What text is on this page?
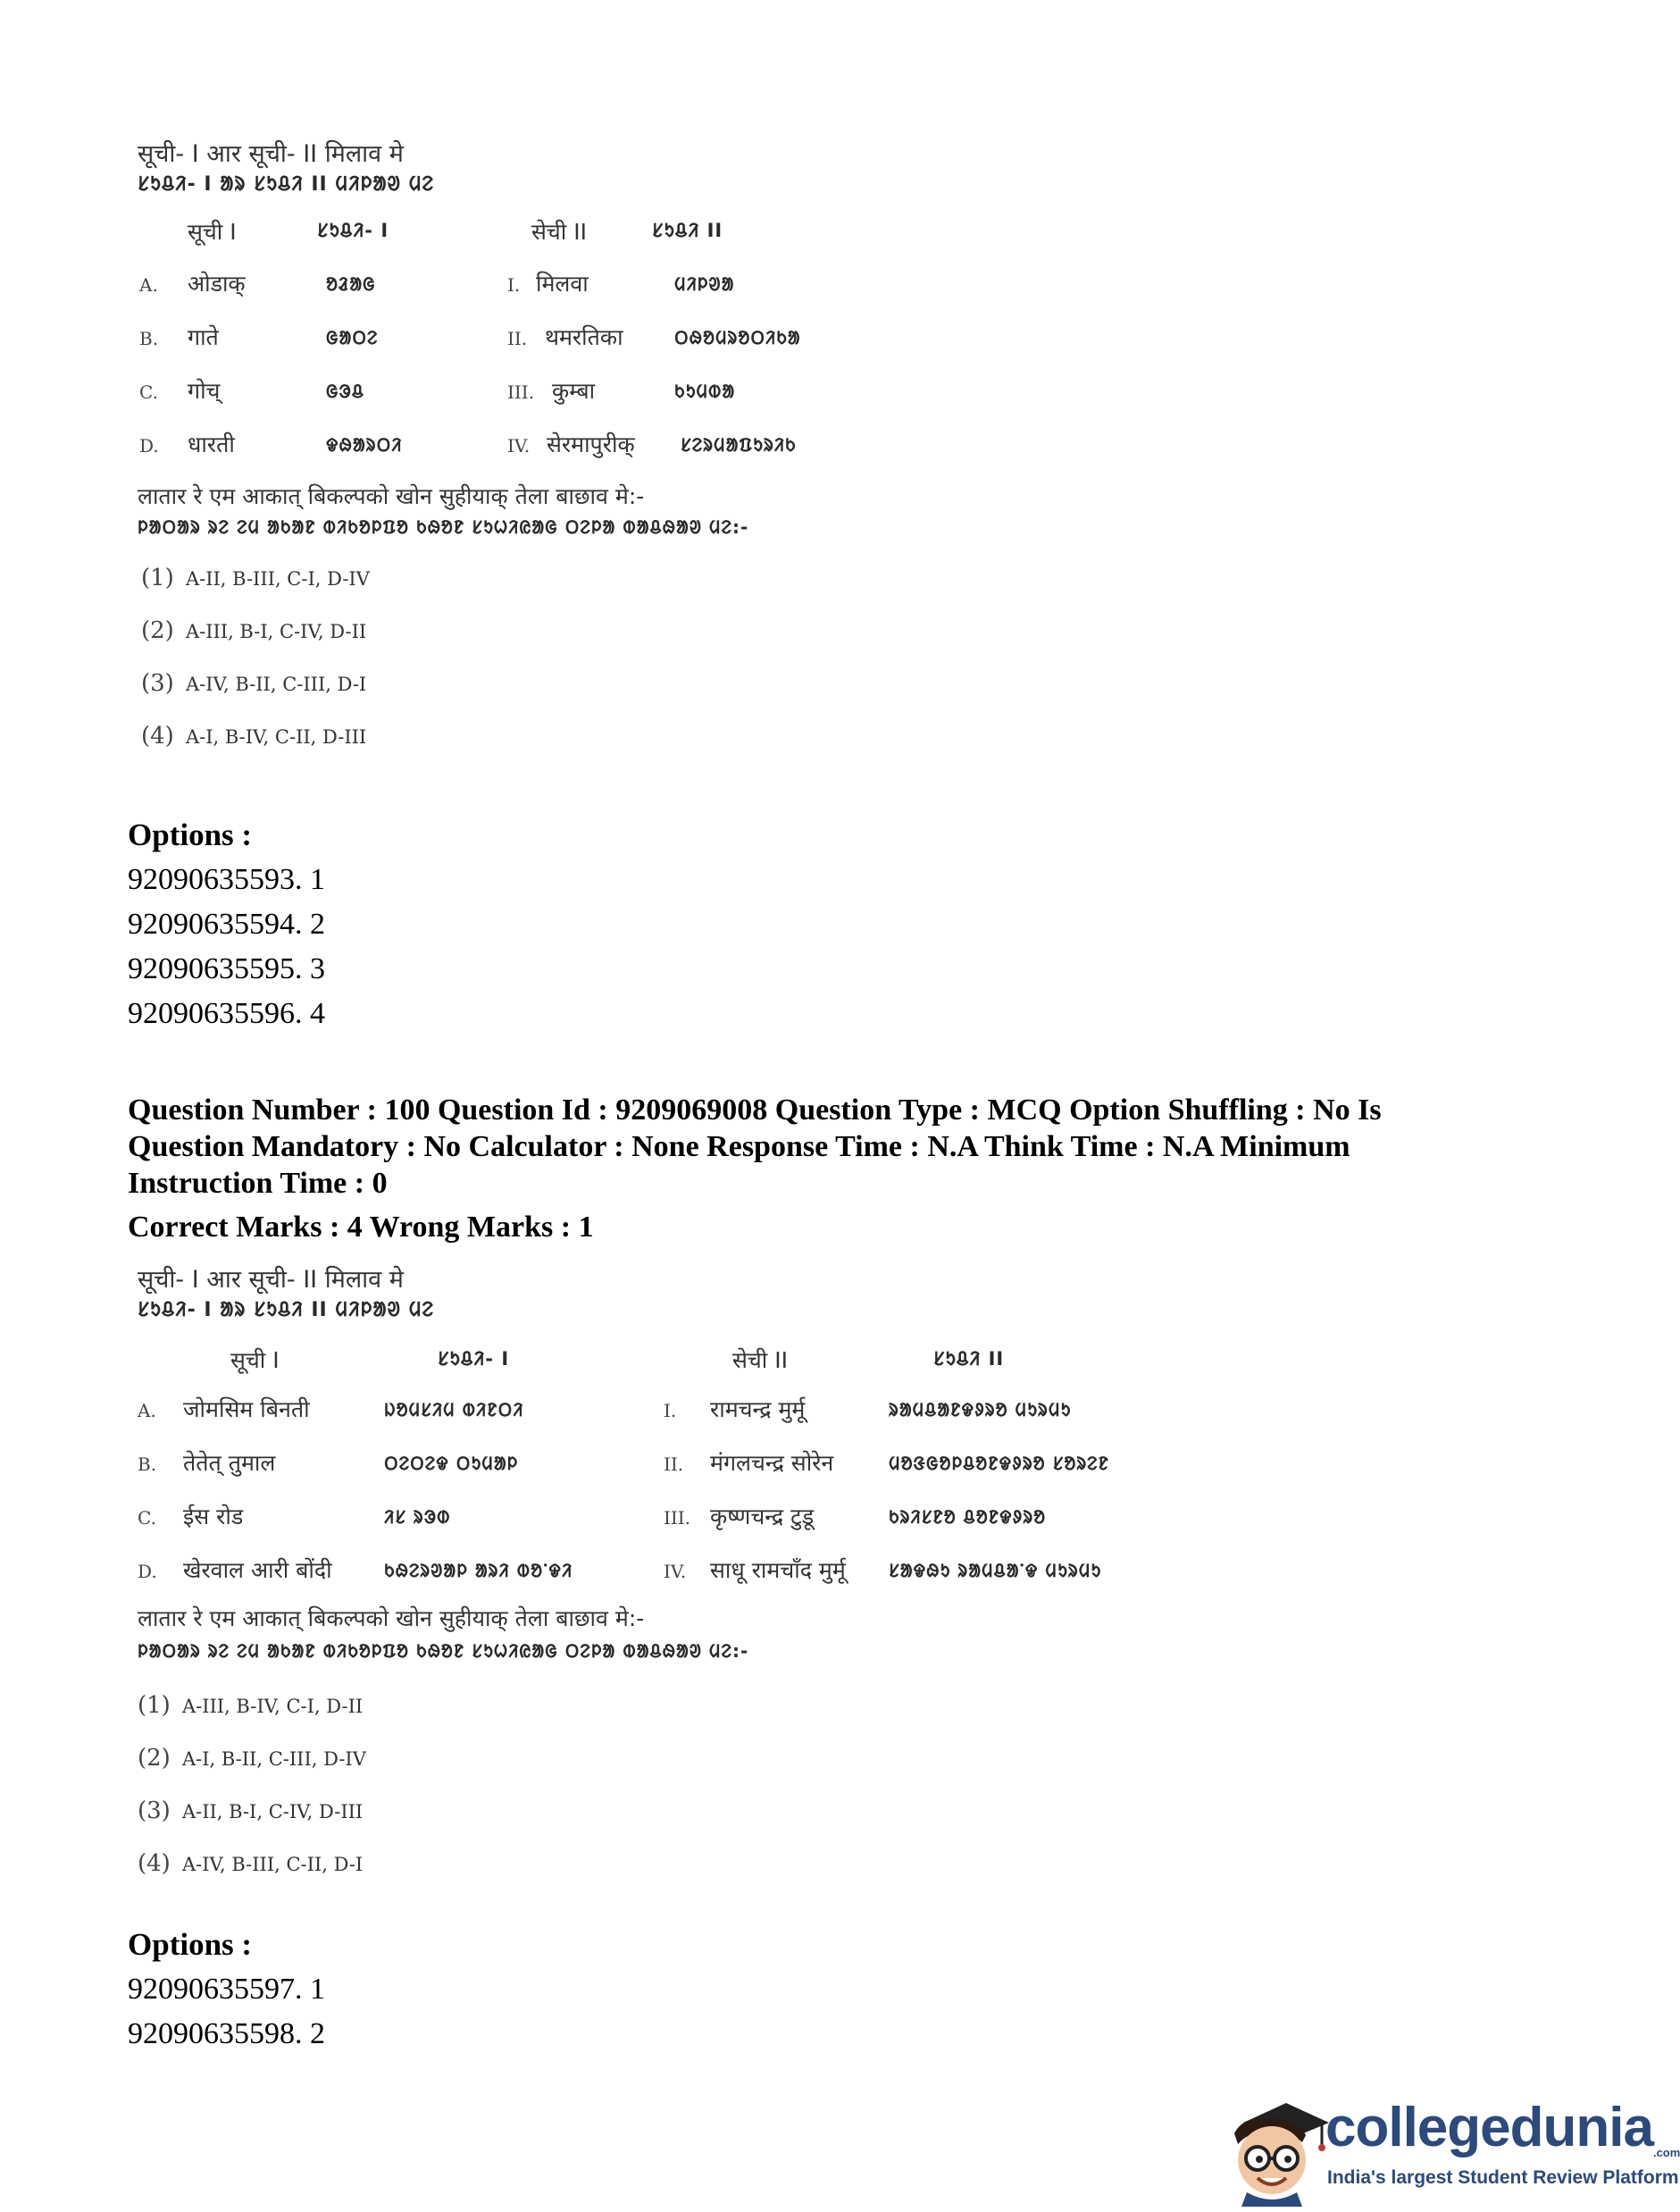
सूची- I आर सूची- II मिलाव मे
ᱥᱩᱪᱤ- I ᱟᱨ ᱥᱩᱪᱤ II ᱢᱤᱞᱟᱣ ᱢᱮ
सूची I	ᱥᱩᱪᱤ- I	सेची II	ᱥᱩᱪᱤ II
A. ओडाक्	ᱚᱲᱟᱜ	I. मिलवा	ᱢᱤᱞᱣᱟ
B. गाते	ᱜᱟᱛᱮ	II. थमरतिका	ᱛᱷᱚᱢᱨᱚᱛᱤᱠᱟ
C. गोच्	ᱜᱳᱪ	III. कुम्बा	ᱠᱩᱢᱵᱟ
D. धारती	ᱫᱷᱟᱨᱛᱤ	IV. सेरमापुरीक्	ᱥᱮᱨᱢᱟᱯᱩᱨᱤᱠ
लातार रे एम आकात् बिकल्पको खोन सुहीयाक् तेला बाछाव मे:-
ᱞᱟᱛᱟᱨ ᱨᱮ ᱮᱢ ᱟᱠᱟᱱ ᱵᱤᱠᱚᱞᱯᱚ ᱠᱷᱚᱱ ᱥᱩᱦᱤᱭᱟᱜ ᱛᱮᱞᱟ ᱵᱟᱪᱷᱟᱣ ᱢᱮ:-
(1) A-II, B-III, C-I, D-IV
(2) A-III, B-I, C-IV, D-II
(3) A-IV, B-II, C-III, D-I
(4) A-I, B-IV, C-II, D-III
Options :
92090635593. 1
92090635594. 2
92090635595. 3
92090635596. 4
Question Number : 100 Question Id : 9209069008 Question Type : MCQ Option Shuffling : No Is
Question Mandatory : No Calculator : None Response Time : N.A Think Time : N.A Minimum
Instruction Time : 0
Correct Marks : 4 Wrong Marks : 1
सूची- I आर सूची- II मिलाव मे
ᱥᱩᱪᱤ- I ᱟᱨ ᱥᱩᱪᱤ II ᱢᱤᱞᱟᱣ ᱢᱮ
सूची I	ᱥᱩᱪᱤ- I	सेची II	ᱥᱩᱪᱤ II
A. जोमसिम बिनती	ᱡᱚᱢᱥᱤᱢ ᱵᱤᱱᱛᱤ	I. रामचन्द्र मुर्मू	ᱨᱟᱢᱪᱟᱱᱫᱽᱨᱚ ᱢᱩᱨᱢᱩ
B. तेतेत् तुमाल	ᱛᱮᱛᱮᱫ ᱛᱩᱢᱟᱞ	II. मंगलचन्द्र सोरेन	ᱢᱚᱝᱜᱚᱞᱪᱚᱱᱫᱽᱨᱚ ᱥᱚᱨᱮᱱ
C. ईस रोड	ᱤᱥ ᱨᱳᱰ	III. कृष्णचन्द्र टुडू	ᱠᱨᱤᱥᱱᱚ ᱪᱚᱱᱫᱽᱨᱚ
D. खेरवाल आरी बोंदी	ᱠᱷᱮᱨᱣᱟᱞ ᱟᱨᱤ ᱵᱚᱸᱫᱤ	IV. साधू रामचाँद मुर्मू ᱥᱟᱫᱷᱩ ᱨᱟᱢᱪᱟᱸᱫ ᱢᱩᱨᱢᱩ
लातार रे एम आकात् बिकल्पको खोन सुहीयाक् तेला बाछाव मे:-
ᱞᱟᱛᱟᱨ ᱨᱮ ᱮᱢ ᱟᱠᱟᱱ ᱵᱤᱠᱚᱞᱯᱚ ᱠᱷᱚᱱ ᱥᱩᱦᱤᱭᱟᱜ ᱛᱮᱞᱟ ᱵᱟᱪᱷᱟᱣ ᱢᱮ:-
(1) A-III, B-IV, C-I, D-II
(2) A-I, B-II, C-III, D-IV
(3) A-II, B-I, C-IV, D-III
(4) A-IV, B-III, C-II, D-I
Options :
92090635597. 1
92090635598. 2
collegedunia.com
India's largest Student Review Platform
